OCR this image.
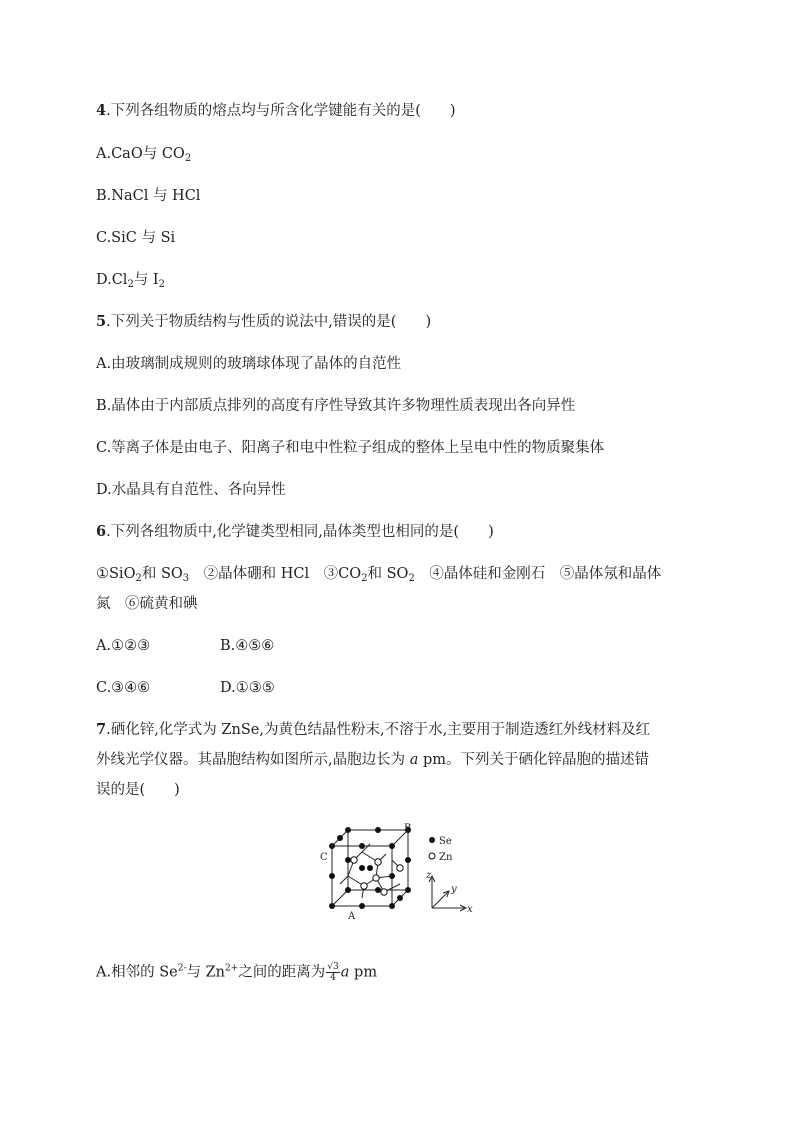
4.下列各组物质的熔点均与所含化学键能有关的是(　　)
A.CaO与 $CO_2$
B.NaCl 与 HCl
C.SiC 与 Si
$D.Cl_2$与 $I_2$
5.下列关于物质结构与性质的说法中,错误的是(　　)
A.由玻璃制成规则的玻璃球体现了晶体的自范性
B.晶体由于内部质点排列的高度有序性导致其许多物理性质表现出各向异性
C.等离子体是由电子、阳离子和电中性粒子组成的整体上呈电中性的物质聚集体
D.水晶具有自范性、各向异性
6.下列各组物质中,化学键类型相同,晶体类型也相同的是(　　)
①SiO$_2$和 $SO_3$　②晶体硼和 HCl　$③CO_2$和 $SO_2$　④晶体硅和金刚石　⑤晶体氖和晶体
氮　⑥硫黄和碘
A.①②③	B.④⑤⑥
C.③④⑥	D.①③⑤
7.硒化锌,化学式为 ZnSe,为黄色结晶性粉末,不溶于水,主要用于制造透红外线材料及红
外线光学仪器。其晶胞结构如图所示,晶胞边长为 a pm。下列关于硒化锌晶胞的描述错
误的是(　　)
B
C
A
Se
Zn
z
y
x
A.相邻的 $Se^{2-}$与 $Zn^{2+}$之间的距离为 $\frac{√3}{4}$ a pm
